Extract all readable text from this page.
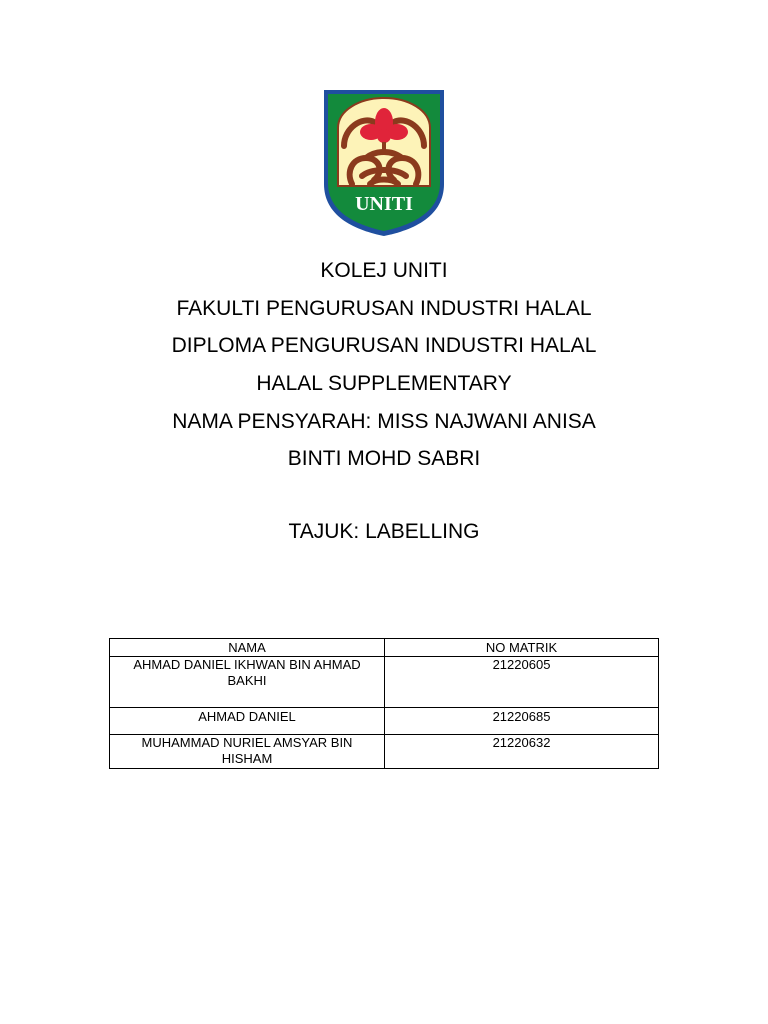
UNITI
KOLEJ UNITI
FAKULTI PENGURUSAN INDUSTRI HALAL
DIPLOMA PENGURUSAN INDUSTRI HALAL
HALAL SUPPLEMENTARY
NAMA PENSYARAH: MISS NAJWANI ANISA
BINTI MOHD SABRI
TAJUK: LABELLING
NAMA	NO MATRIK
AHMAD DANIEL IKHWAN BIN AHMAD BAKHI	21220605
AHMAD DANIEL	21220685
MUHAMMAD NURIEL AMSYAR BIN HISHAM	21220632
